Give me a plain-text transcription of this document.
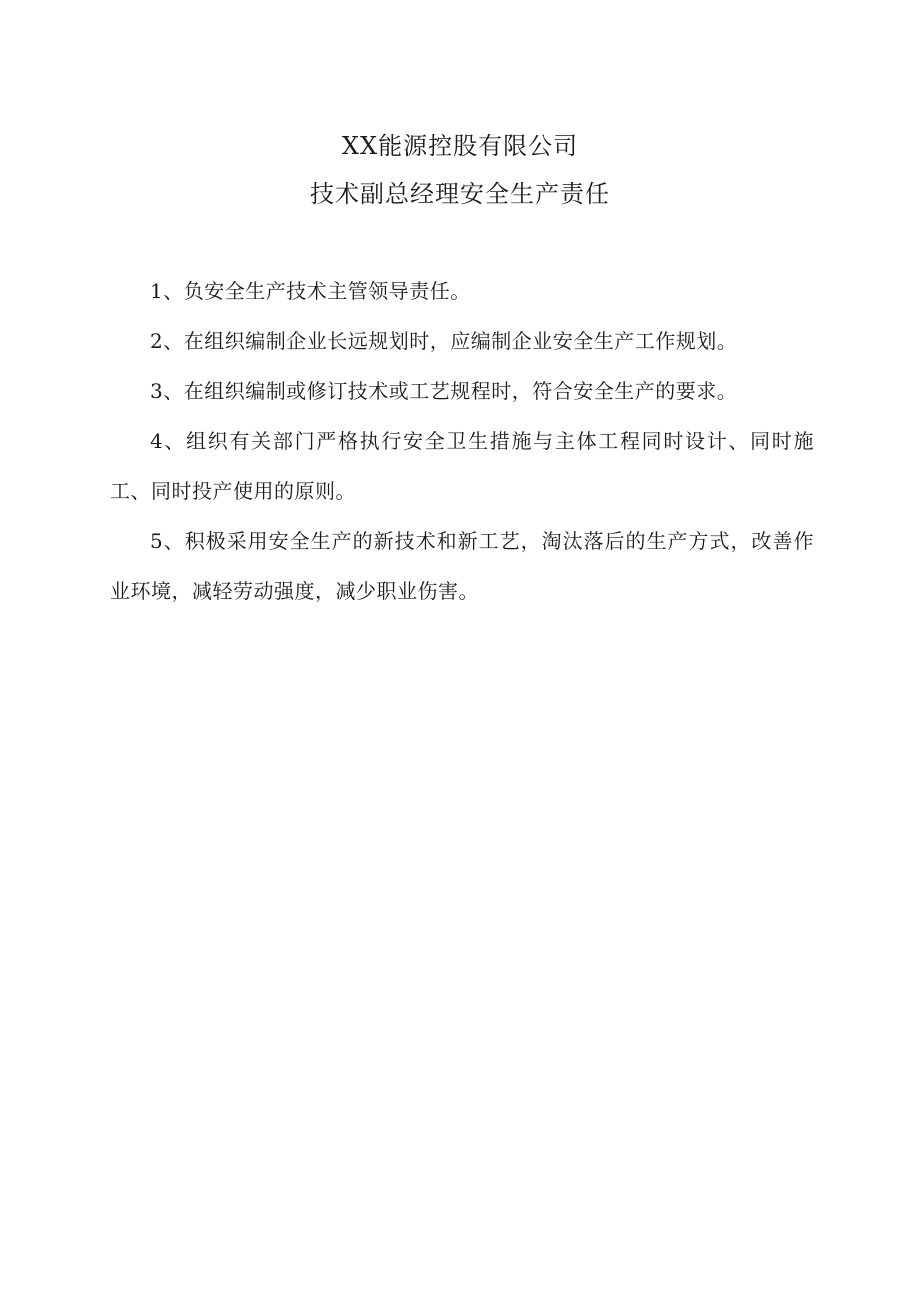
XX能源控股有限公司
技术副总经理安全生产责任

1、负安全生产技术主管领导责任。

2、在组织编制企业长远规划时，应编制企业安全生产工作规划。

3、在组织编制或修订技术或工艺规程时，符合安全生产的要求。

4、组织有关部门严格执行安全卫生措施与主体工程同时设计、同时施工、同时投产使用的原则。

5、积极采用安全生产的新技术和新工艺，淘汰落后的生产方式，改善作业环境，减轻劳动强度，减少职业伤害。
